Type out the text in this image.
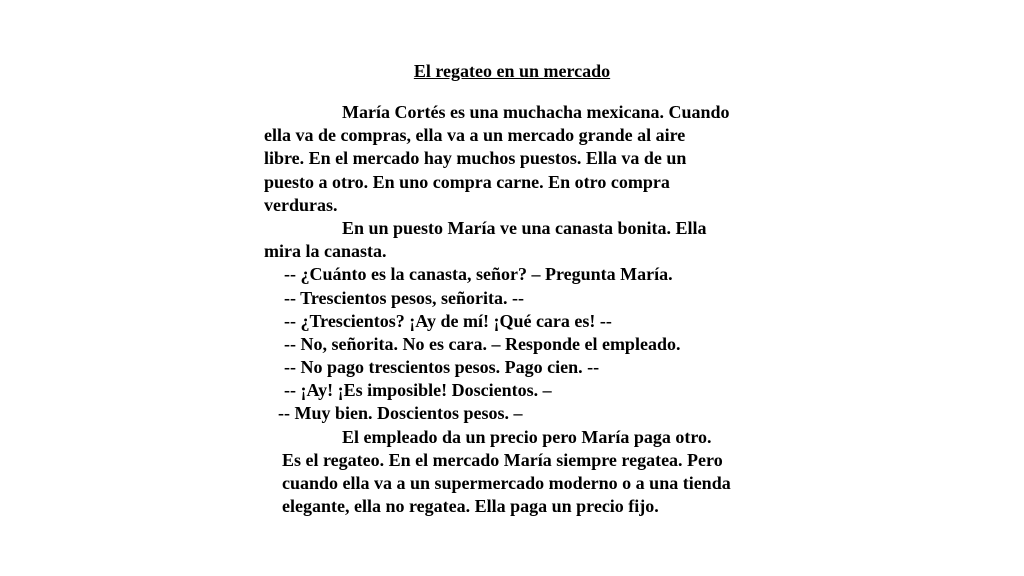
El regateo en un mercado
María Cortés es una muchacha mexicana. Cuando
ella va de compras, ella va a un mercado grande al aire
libre. En el mercado hay muchos puestos. Ella va de un
puesto a otro. En uno compra carne. En otro compra
verduras.
En un puesto María ve una canasta bonita. Ella
mira la canasta.
-- ¿Cuánto es la canasta, señor? – Pregunta María.
-- Trescientos pesos, señorita. --
-- ¿Trescientos? ¡Ay de mí! ¡Qué cara es! --
-- No, señorita. No es cara. – Responde el empleado.
-- No pago trescientos pesos. Pago cien. --
-- ¡Ay! ¡Es imposible! Doscientos. –
-- Muy bien. Doscientos pesos. –
El empleado da un precio pero María paga otro.
Es el regateo. En el mercado María siempre regatea. Pero
cuando ella va a un supermercado moderno o a una tienda
elegante, ella no regatea. Ella paga un precio fijo.
